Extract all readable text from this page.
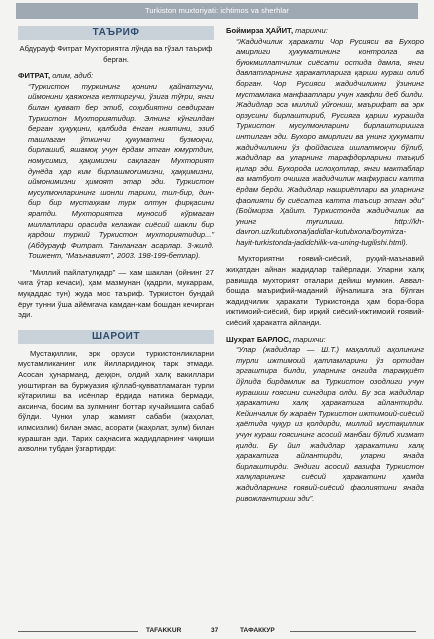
Turkiston muxtoriyati: ichtimos va sherhlar
ТАЪРИФ

Абдурауф Фитрат Мухториятга лўнда ва гўзал таъриф берган.

ФИТРАТ, олим, адиб:

“Туркистон туркининг қонини қайнатгучи, иймонини ҳаяжонга келтиргучи, ўзига тўғри, янги билан қувват бер этиб, соҳибиятни севдирган Туркистон Мухториятидир. Элнинг кўнгилдан берган ҳуқуқини, қалбида ёнган ниятини, эзиб ташлаган ўткинчи ҳукуматни бузмоқчи, бирлашиб, яшамоқ учун ёрдам этган юмуртдин, номусимиз, ҳақимизни сақлаган Мухторият дунёда ҳар ким бирлашмоғимизни, ҳаққимизни, иймонимизни ҳимоят этар эди. Туркистон мусулмонларининг шонли тарихи, тил-бир, дин-бир бир мустаҳкам турк олтун фирқасини яратди. Мухториятга муносиб кўрмаган миллатлари орасида келажак сиёсий шакли бир қардош туркий Туркистон мухториятидир...” (Абдурауф Фитрат. Танланган асарлар. 3-жилд. Тошкент, “Маънавият”, 2003. 198-199-бетлар).

“Миллий пайлатулқадр” — хам шаклан (ойнинг 27 чига ўтар кечаси), ҳам мазмунан (қадрли, мукаррам, муқаддас тун) жуда мос таъриф. Туркистон бундай ёруғ тунни ўша айёмгача камдан-кам бошдан кечирган эди.

ШАРОИТ

Мустақиллик, эрк орзуси туркистонликларни мустамликанинг илк йилларидиноқ тарк этмади. Асосан ҳунарманд, деҳқон, олдий халқ вакиллари уюштирган ва буржуазия қўллаб-қувватламаган турли кўтарилиш ва исёнлар ёрдида натижа бермади, аксинча, босим ва зулмнинг боттар кучайишига сабаб бўлди. Чунки улар жамият сабаби (жаҳолат, илмсизлик) билан эмас, асорати (жаҳолат, зулм) билан курашган эди. Тарих саҳнасига жадидларнинг чиқиши ахволни тубдан ўзгартирди:

Боймирза ҲАЙИТ, тарихчи:

“Жадидчилик ҳаракати Чор Русияси ва Бухоро амирлиги ҳукуматининг контролга ва буюкмиллатчилик сиёсати остида дамла, янги давлатларнинг ҳаракатларига қарши кураш олиб борган. Чор Русияси жадидчиликни ўзининг мустамлака манфаатлари учун хавфли деб билди. Жадидлар эса миллий уйғониш, маърифат ва эрк орзусини бирлаштириб, Русияга қарши курашда Туркистон мусулмонларини бирлаштиришга интилган эди. Бухоро амирлиги ва унинг ҳукумати жадидчиликни ўз фойдасига ишлатмоқчи бўлиб, жадидлар ва уларнинг тарафдорларини таъқиб қилар эди. Бухорода ислоҳотлар, янги мактаблар ва матбуот очишга жадидчилик мафкураси катта ёрдам берди. Жадидлар нашриётлари ва уларнинг фаолияти бу сиёсатга катта таъсир этган эди” (Боймирза Ҳайит. Туркистонда жадидчилик ва унинг туғилиши. http://kh-davron.uz/kutubxona/jadidlar-kutubxona/boymirza-hayit-turkistonda-jadidchilik-va-uning-tugilishi.html).

Мухториятни ғоявий-сиёсий, руҳий-маънавий жиҳатдан айнан жадидлар тайёрлади. Уларни халқ равишда мухторият оталари дейиш мумкин. Аввал-бошда маърифий-маданий йўналишга эга бўлган жадидчилик ҳаракати Туркистонда ҳам бора-бора ижтимоий-сиёсий, бир ирқий сиёсий-ижтимоий ғоявий-сиёсий ҳаракатга айланди.

Шухрат БАРЛОС, тарихчи:

“Улар (жадидлар — Ш.Т.) маҳаллий аҳолининг турли ижтимоий қатламларини ўз ортидан эргаштира билди, уларнинг онгида тараққиёт йўлида бирдамлик ва Туркистон озодлиги учун курашиш ғоясини сингдира олди. Бу эса жадидлар ҳаракатини халқ ҳаракатига айлантирди. Кейинчалик бу жараён Туркистон ижтимоий-сиёсий ҳаётида чуқур из қолдирди, миллий мустақиллик учун кураш ғоясининг асосий манбаи бўлиб хизмат қилди. Бу йил жадидлар ҳаракатини халқ ҳаракатига айлантирди, уларни янада бирлаштирди. Эндиги асосий вазифа Туркистон халқларининг сиёсий ҳаракатини ҳамда жадидларнинг ғоявий-сиёсий фаолиятини янада ривожлантириш эди”.

TAFAKKUR	37	ТАФАККУР
